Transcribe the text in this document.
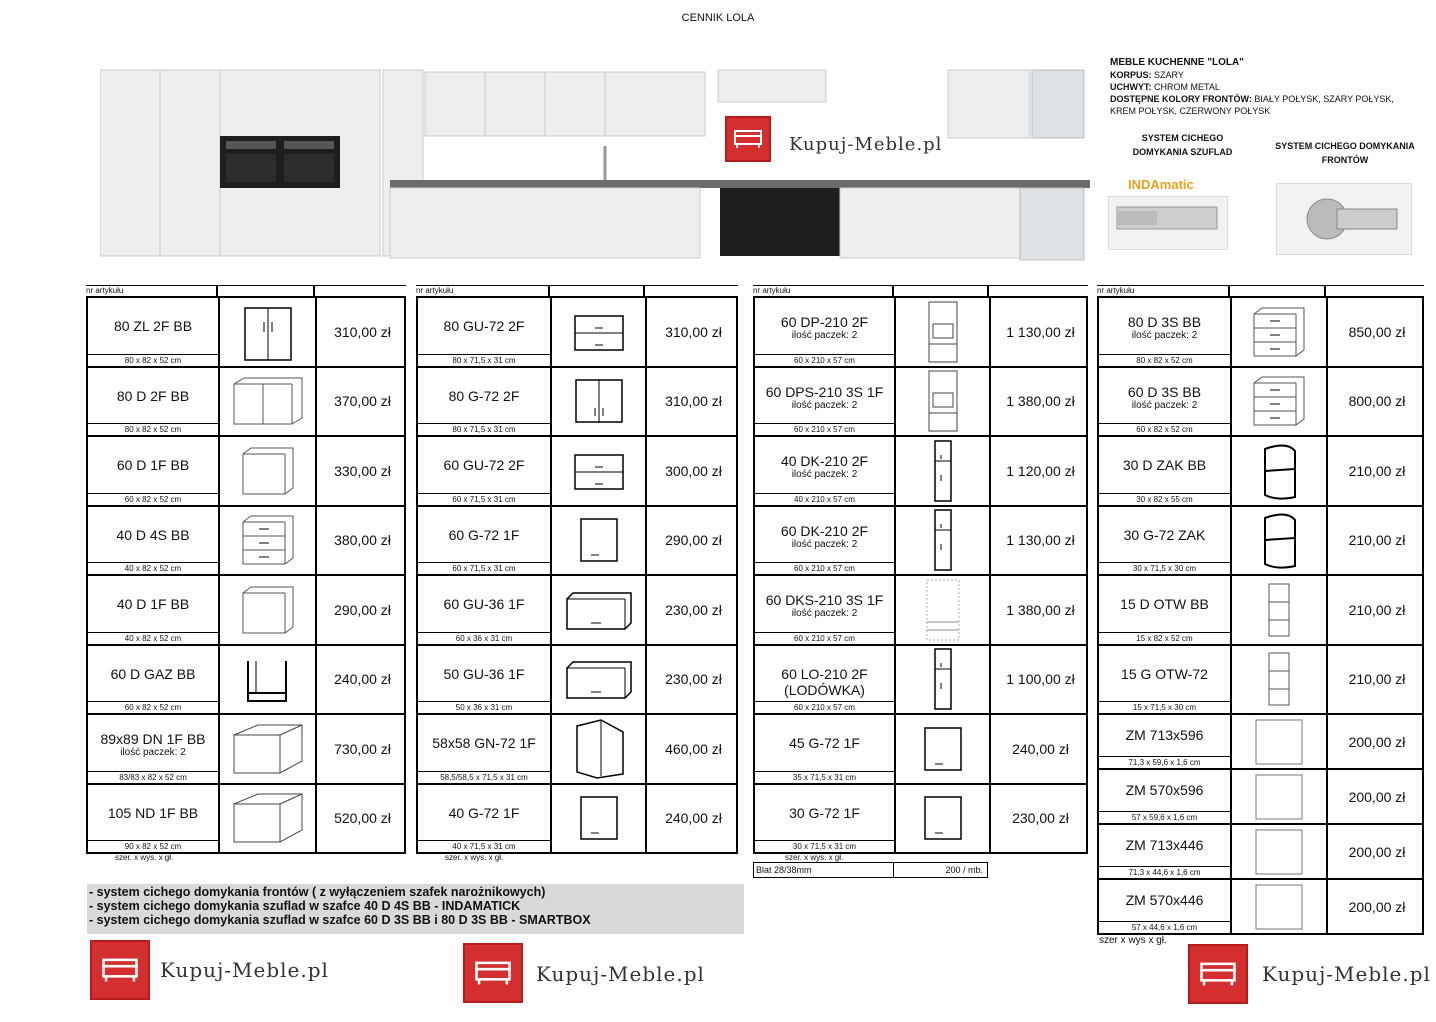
CENNIK LOLA
Kupuj-Meble.pl
MEBLE KUCHENNE "LOLA"
KORPUS: SZARY
UCHWYT: CHROM METAL
DOSTĘPNE KOLORY FRONTÓW: BIAŁY POŁYSK, SZARY POŁYSK, KREM POŁYSK, CZERWONY POŁYSK
SYSTEM CICHEGO DOMYKANIA SZUFLAD
SYSTEM CICHEGO DOMYKANIA FRONTÓW
INDAmatic
nr artykułu
80 ZL 2F BB
80 x 82 x 52 cm
310,00 zł
80 D 2F BB
80 x 82 x 52 cm
370,00 zł
60 D 1F BB
60 x 82 x 52 cm
330,00 zł
40 D 4S BB
40 x 82 x 52 cm
380,00 zł
40 D 1F BB
40 x 82 x 52 cm
290,00 zł
60 D GAZ BB
60 x 82 x 52 cm
240,00 zł
89x89 DN 1F BB
ilość paczek: 2
83/83 x 82 x 52 cm
730,00 zł
105 ND 1F BB
90 x 82 x 52 cm
520,00 zł
nr artykułu
80 GU-72 2F
80 x 71,5 x 31 cm
310,00 zł
80 G-72 2F
80 x 71,5 x 31 cm
310,00 zł
60 GU-72 2F
60 x 71,5 x 31 cm
300,00 zł
60 G-72 1F
60 x 71,5 x 31 cm
290,00 zł
60 GU-36 1F
60 x 36 x 31 cm
230,00 zł
50 GU-36 1F
50 x 36 x 31 cm
230,00 zł
58x58 GN-72 1F
58,5/58,5 x 71,5 x 31 cm
460,00 zł
40 G-72 1F
40 x 71,5 x 31 cm
240,00 zł
nr artykułu
60 DP-210 2F
ilość paczek: 2
60 x 210 x 57 cm
1 130,00 zł
60 DPS-210 3S 1F
ilość paczek: 2
60 x 210 x 57 cm
1 380,00 zł
40 DK-210 2F
ilość paczek: 2
40 x 210 x 57 cm
1 120,00 zł
60 DK-210 2F
ilość paczek: 2
60 x 210 x 57 cm
1 130,00 zł
60 DKS-210 3S 1F
ilość paczek: 2
60 x 210 x 57 cm
1 380,00 zł
60 LO-210 2F (LODÓWKA)
60 x 210 x 57 cm
1 100,00 zł
45 G-72 1F
35 x 71,5 x 31 cm
240,00 zł
30 G-72 1F
30 x 71,5 x 31 cm
230,00 zł
nr artykułu
80 D 3S BB
ilość paczek: 2
80 x 82 x 52 cm
850,00 zł
60 D 3S BB
ilość paczek: 2
60 x 82 x 52 cm
800,00 zł
30 D ZAK BB
30 x 82 x 55 cm
210,00 zł
30 G-72 ZAK
30 x 71,5 x 30 cm
210,00 zł
15 D OTW BB
15 x 82 x 52 cm
210,00 zł
15 G OTW-72
15 x 71,5 x 30 cm
210,00 zł
ZM 713x596
71,3 x 59,6 x 1,6 cm
200,00 zł
ZM 570x596
57 x 59,6 x 1,6 cm
200,00 zł
ZM 713x446
71,3 x 44,6 x 1,6 cm
200,00 zł
ZM 570x446
57 x 44,6 x 1,6 cm
200,00 zł
szer. x wys. x gł.	szer. x wys. x gł.	szer. x wys. x gł.
szer x wys x gł.
Blat 28/38mm	200 / mb.
- system cichego domykania frontów ( z wyłączeniem szafek narożnikowych)
- system cichego domykania szuflad w szafce 40 D 4S BB - INDAMATICK
- system cichego domykania szuflad w szafce 60 D 3S BB i 80 D 3S BB - SMARTBOX
Kupuj-Meble.pl	Kupuj-Meble.pl	Kupuj-Meble.pl
